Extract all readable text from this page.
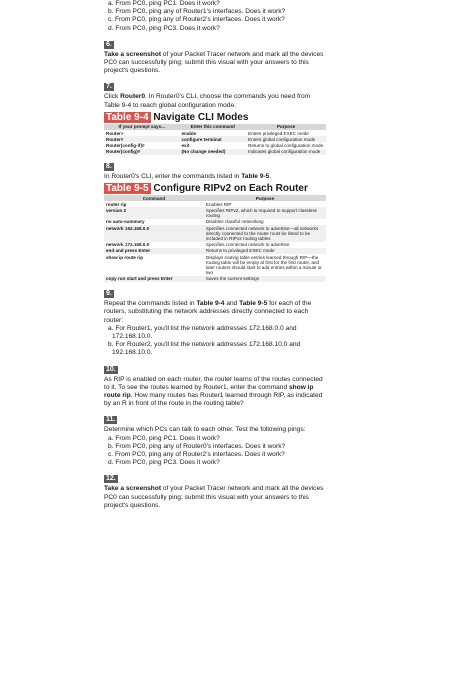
a. From PC0, ping PC1. Does it work?

b. From PC0, ping any of Router1's interfaces. Does it work?

c. From PC0, ping any of Router2's interfaces. Does it work?

d. From PC0, ping PC3. Does it work?

6.

Take a screenshot of your Packet Tracer network and mark all the devices PC0 can successfully ping; submit this visual with your answers to this project's questions.

7.

Click Router0. In Router0's CLI, choose the commands you need from Table 9-4 to reach global configuration mode.

Table 9-4 Navigate CLI Modes

If your prompt says...	Enter this command	Purpose
Router>	enable	Enters privileged EXEC mode
Router#	configure terminal	Enters global configuration mode
Router(config-if)#	exit	Returns to global configuration mode
Router(config)#	(No change needed)	Indicates global configuration mode
8.

In Router0's CLI, enter the commands listed in Table 9-5.

Table 9-5 Configure RIPv2 on Each Router

Command	Purpose
router rip	Enables RIP
version 2	Specifies RIPv2, which is required to support classless routing
no auto-summary	Disables classful networking
network 192.168.0.0	Specifies connected network to advertise—all networks directly connected to the router must be listed to be included in RIPv2 routing tables
network 172.168.0.0	Specifies connected network to advertise
end and press Enter	Returns to privileged EXEC mode
show ip route rip	Displays routing table entries learned through RIP—the routing table will be empty at first for the first router, and later routers should start to add entries within a minute or two
copy run start and press Enter	Saves the current settings
9.

Repeat the commands listed in Table 9-4 and Table 9-5 for each of the routers, substituting the network addresses directly connected to each router:

a. For Router1, you'll list the network addresses 172.168.0.0 and 172.168.10.0.

b. For Router2, you'll list the network addresses 172.168.10.0 and 192.168.10.0.

10.

As RIP is enabled on each router, the router learns of the routes connected to it. To see the routes learned by Router1, enter the command show ip route rip. How many routes has Router1 learned through RIP, as indicated by an R in front of the route in the routing table?

11.

Determine which PCs can talk to each other. Test the following pings:

a. From PC0, ping PC1. Does it work?

b. From PC0, ping any of Router0's interfaces. Does it work?

c. From PC0, ping any of Router2's interfaces. Does it work?

d. From PC0, ping PC3. Does it work?

12.

Take a screenshot of your Packet Tracer network and mark all the devices PC0 can successfully ping; submit this visual with your answers to this project's questions.
